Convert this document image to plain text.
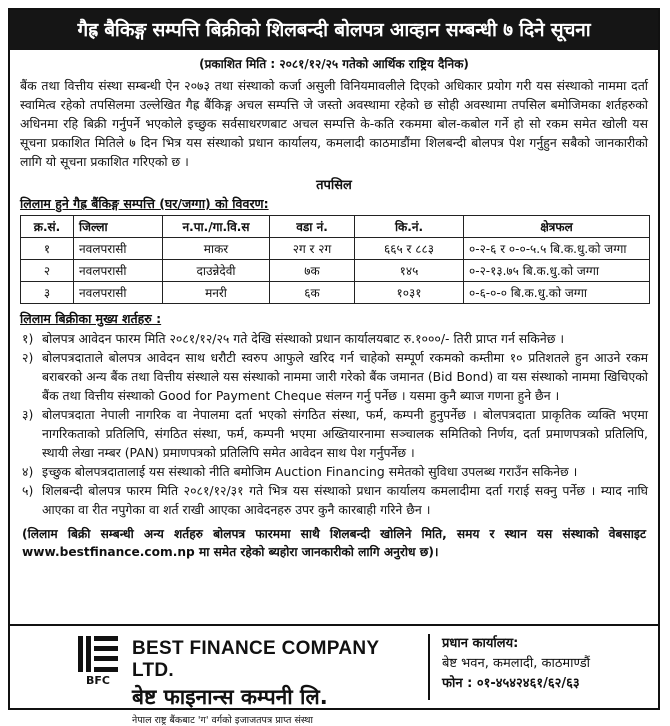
गैह्र बैकिङ्ग सम्पत्ति बिक्रीको शिलबन्दी बोलपत्र आव्हान सम्बन्धी ७ दिने सूचना
(प्रकाशित मिति : २०८१/१२/२५ गतेको आर्थिक राष्ट्रिय दैनिक)
बैंक तथा वित्तीय संस्था सम्बन्धी ऐन २०७३ तथा संस्थाको कर्जा असुली विनियमावलीले दिएको अधिकार प्रयोग गरी यस संस्थाको नाममा दर्ता स्वामित्व रहेको तपसिलमा उल्लेखित गैह्र बैंकिङ्ग अचल सम्पत्ति जे जस्तो अवस्थामा रहेको छ सोही अवस्थामा तपसिल बमोजिमका शर्तहरुको अधिनमा रहि बिक्री गर्नुपर्ने भएकोले इच्छुक सर्वसाधरणबाट अचल सम्पत्ति के-कति रकममा बोल-कबोल गर्ने हो सो रकम समेत खोली यस सूचना प्रकाशित मितिले ७ दिन भित्र यस संस्थाको प्रधान कार्यालय, कमलादी काठमाडौंमा शिलबन्दी बोलपत्र पेश गर्नुहुन सबैको जानकारीको लागि यो सूचना प्रकाशित गरिएको छ ।
तपसिल
लिलाम हुने गैह्र बैंकिङ्ग सम्पत्ति (घर/जग्गा) को विवरण:
क्र.सं.	जिल्ला	न.पा./गा.वि.स	वडा नं.	कि.नं.	क्षेत्रफल
१	नवलपरासी	माकर	२ग र २ग	६६५ र ८८३	०-२-६ र ०-०-५.५ बि.क.धु.को जग्गा
२	नवलपरासी	दाउन्नेदेवी	७क	१४५	०-२-१३.७५ बि.क.धु.को जग्गा
३	नवलपरासी	मनरी	६क	१०३१	०-६-०-० बि.क.धु.को जग्गा
लिलाम बिक्रीका मुख्य शर्तहरु :
१) बोलपत्र आवेदन फारम मिति २०८१/१२/२५ गते देखि संस्थाको प्रधान कार्यालयबाट रु.१०००/- तिरी प्राप्त गर्न सकिनेछ ।
२) बोलपत्रदाताले बोलपत्र आवेदन साथ धरौटी स्वरुप आफुले खरिद गर्न चाहेको सम्पूर्ण रकमको कम्तीमा १० प्रतिशतले हुन आउने रकम बराबरको अन्य बैंक तथा वित्तीय संस्थाले यस संस्थाको नाममा जारी गरेको बैंक जमानत (Bid Bond) वा यस संस्थाको नाममा खिचिएको बैंक तथा वित्तीय संस्थाको Good for Payment Cheque संलग्न गर्नु पर्नेछ । यसमा कुनै ब्याज गणना हुने छैन ।
३) बोलपत्रदाता नेपाली नागरिक वा नेपालमा दर्ता भएको संगठित संस्था, फर्म, कम्पनी हुनुपर्नेछ । बोलपत्रदाता प्राकृतिक व्यक्ति भएमा नागरिकताको प्रतिलिपि, संगठित संस्था, फर्म, कम्पनी भएमा अख्तियारनामा सञ्चालक समितिको निर्णय, दर्ता प्रमाणपत्रको प्रतिलिपि, स्थायी लेखा नम्बर (PAN) प्रमाणपत्रको प्रतिलिपि समेत आवेदन साथ पेश गर्नुपर्नेछ ।
४) इच्छुक बोलपत्रदातालाई यस संस्थाको नीति बमोजिम Auction Financing समेतको सुविधा उपलब्ध गराउँन सकिनेछ ।
५) शिलबन्दी बोलपत्र फारम मिति २०८१/१२/३१ गते भित्र यस संस्थाको प्रधान कार्यालय कमलादीमा दर्ता गराई सक्नु पर्नेछ । म्याद नाघि आएका वा रीत नपुगेका वा शर्त राखी आएका आवेदनहरु उपर कुनै कारबाही गरिने छैन ।
(लिलाम बिक्री सम्बन्धी अन्य शर्तहरु बोलपत्र फारममा साथै शिलबन्दी खोलिने मिति, समय र स्थान यस संस्थाको वेबसाइट www.bestfinance.com.np मा समेत रहेको ब्यहोरा जानकारीको लागि अनुरोध छ)।
BFC
BEST FINANCE COMPANY LTD.
बेष्ट फाइनान्स कम्पनी लि.
नेपाल राष्ट्र बैंकबाट 'ग' वर्गको इजाजतपत्र प्राप्त संस्था
प्रधान कार्यालय:
बेष्ट भवन, कमलादी, काठमाण्डौं
फोन : ०१-४५४२४६१/६२/६३
